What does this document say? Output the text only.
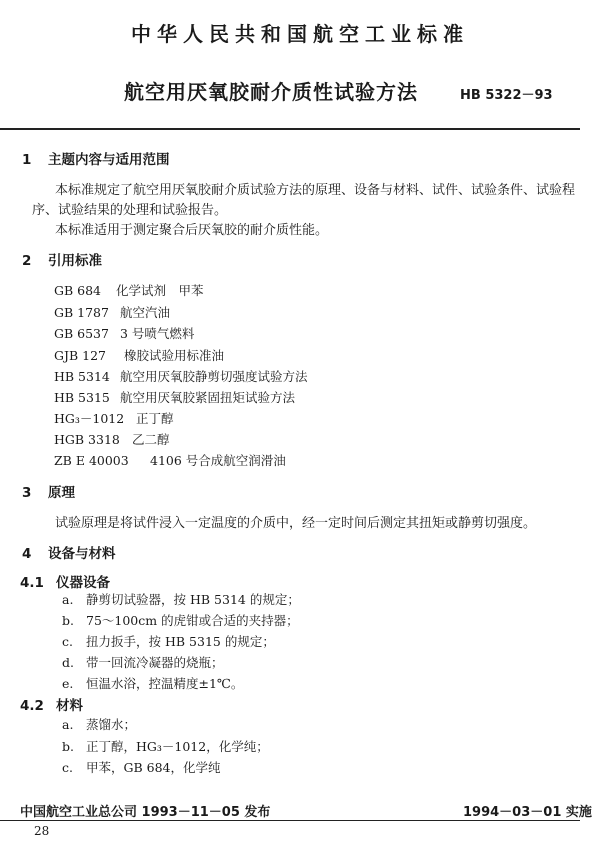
中华人民共和国航空工业标准
航空用厌氧胶耐介质性试验方法	HB 5322－93
1 主题内容与适用范围
本标准规定了航空用厌氧胶耐介质试验方法的原理、设备与材料、试件、试验条件、试验程
序、试验结果的处理和试验报告。
本标准适用于测定聚合后厌氧胶的耐介质性能。
2 引用标准
GB 684 化学试剂　甲苯
GB 1787 航空汽油
GB 6537 3 号喷气燃料
GJB 127 橡胶试验用标准油
HB 5314 航空用厌氧胶静剪切强度试验方法
HB 5315 航空用厌氧胶紧固扭矩试验方法
HG₃－1012 正丁醇
HGB 3318 乙二醇
ZB E 40003 4106 号合成航空润滑油
3 原理
试验原理是将试件浸入一定温度的介质中，经一定时间后测定其扭矩或静剪切强度。
4 设备与材料
4.1 仪器设备
a. 静剪切试验器，按 HB 5314 的规定；
b. 75～100cm 的虎钳或合适的夹持器；
c. 扭力扳手，按 HB 5315 的规定；
d. 带一回流冷凝器的烧瓶；
e. 恒温水浴，控温精度±1℃。
4.2 材料
a. 蒸馏水；
b. 正丁醇，HG₃－1012，化学纯；
c. 甲苯，GB 684，化学纯
中国航空工业总公司 1993－11－05 发布	1994－03－01 实施
28
